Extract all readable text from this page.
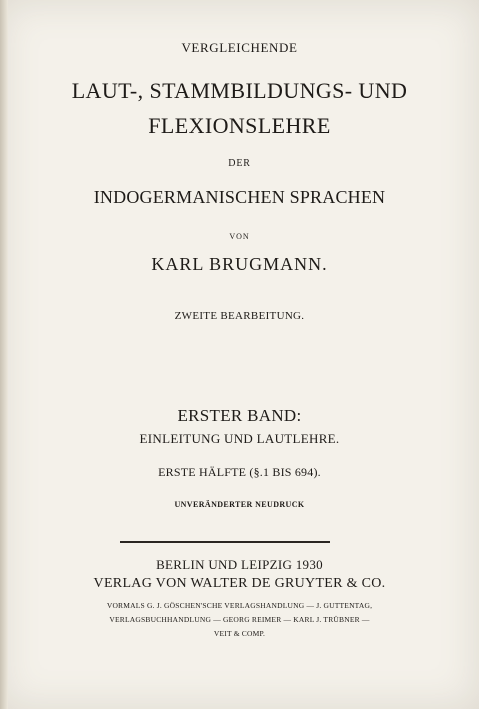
VERGLEICHENDE

LAUT-, STAMMBILDUNGS- UND

FLEXIONSLEHRE

DER

INDOGERMANISCHEN SPRACHEN

VON

KARL BRUGMANN.

ZWEITE BEARBEITUNG.

ERSTER BAND:

EINLEITUNG UND LAUTLEHRE.

ERSTE HÄLFTE (§.1 BIS 694).

UNVERÄNDERTER NEUDRUCK

BERLIN UND LEIPZIG 1930

VERLAG VON WALTER DE GRUYTER & CO.

VORMALS G. J. GÖSCHEN'SCHE VERLAGSHANDLUNG — J. GUTTENTAG,

VERLAGSBUCHHANDLUNG — GEORG REIMER — KARL J. TRÜBNER —

VEIT & COMP.
